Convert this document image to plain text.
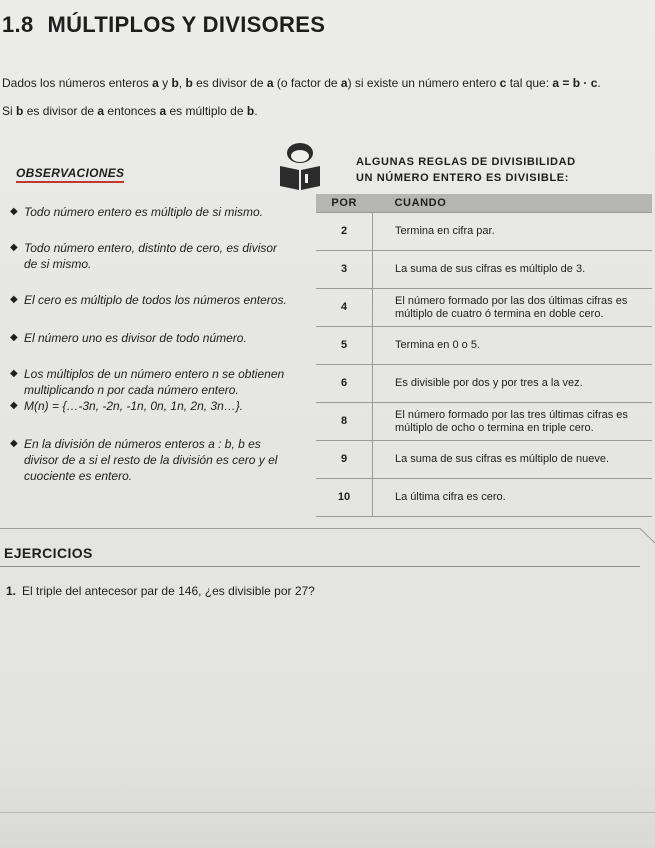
1.8 MÚLTIPLOS Y DIVISORES

Dados los números enteros a y b, b es divisor de a (o factor de a) si existe un número entero c tal que: a = b · c.

Si b es divisor de a entonces a es múltiplo de b.

OBSERVACIONES
◆ Todo número entero es múltiplo de si mismo.
◆ Todo número entero, distinto de cero, es divisor
de si mismo.
◆ El cero es múltiplo de todos los números enteros.
◆ El número uno es divisor de todo número.
◆ Los múltiplos de un número entero n se obtienen
multiplicando n por cada número entero.
◆ M(n) = {…-3n, -2n, -1n, 0n, 1n, 2n, 3n…}.
◆ En la división de números enteros a : b, b es
divisor de a si el resto de la división es cero y el
cuociente es entero.
ALGUNAS REGLAS DE DIVISIBILIDAD
UN NÚMERO ENTERO ES DIVISIBLE:
POR	CUANDO
2	Termina en cifra par.
3	La suma de sus cifras es múltiplo de 3.
4	El número formado por las dos últimas cifras es
múltiplo de cuatro ó termina en doble cero.
5	Termina en 0 o 5.
6	Es divisible por dos y por tres a la vez.
8	El número formado por las tres últimas cifras es
múltiplo de ocho o termina en triple cero.
9	La suma de sus cifras es múltiplo de nueve.
10	La última cifra es cero.
EJERCICIOS
1. El triple del antecesor par de 146, ¿es divisible por 27?
